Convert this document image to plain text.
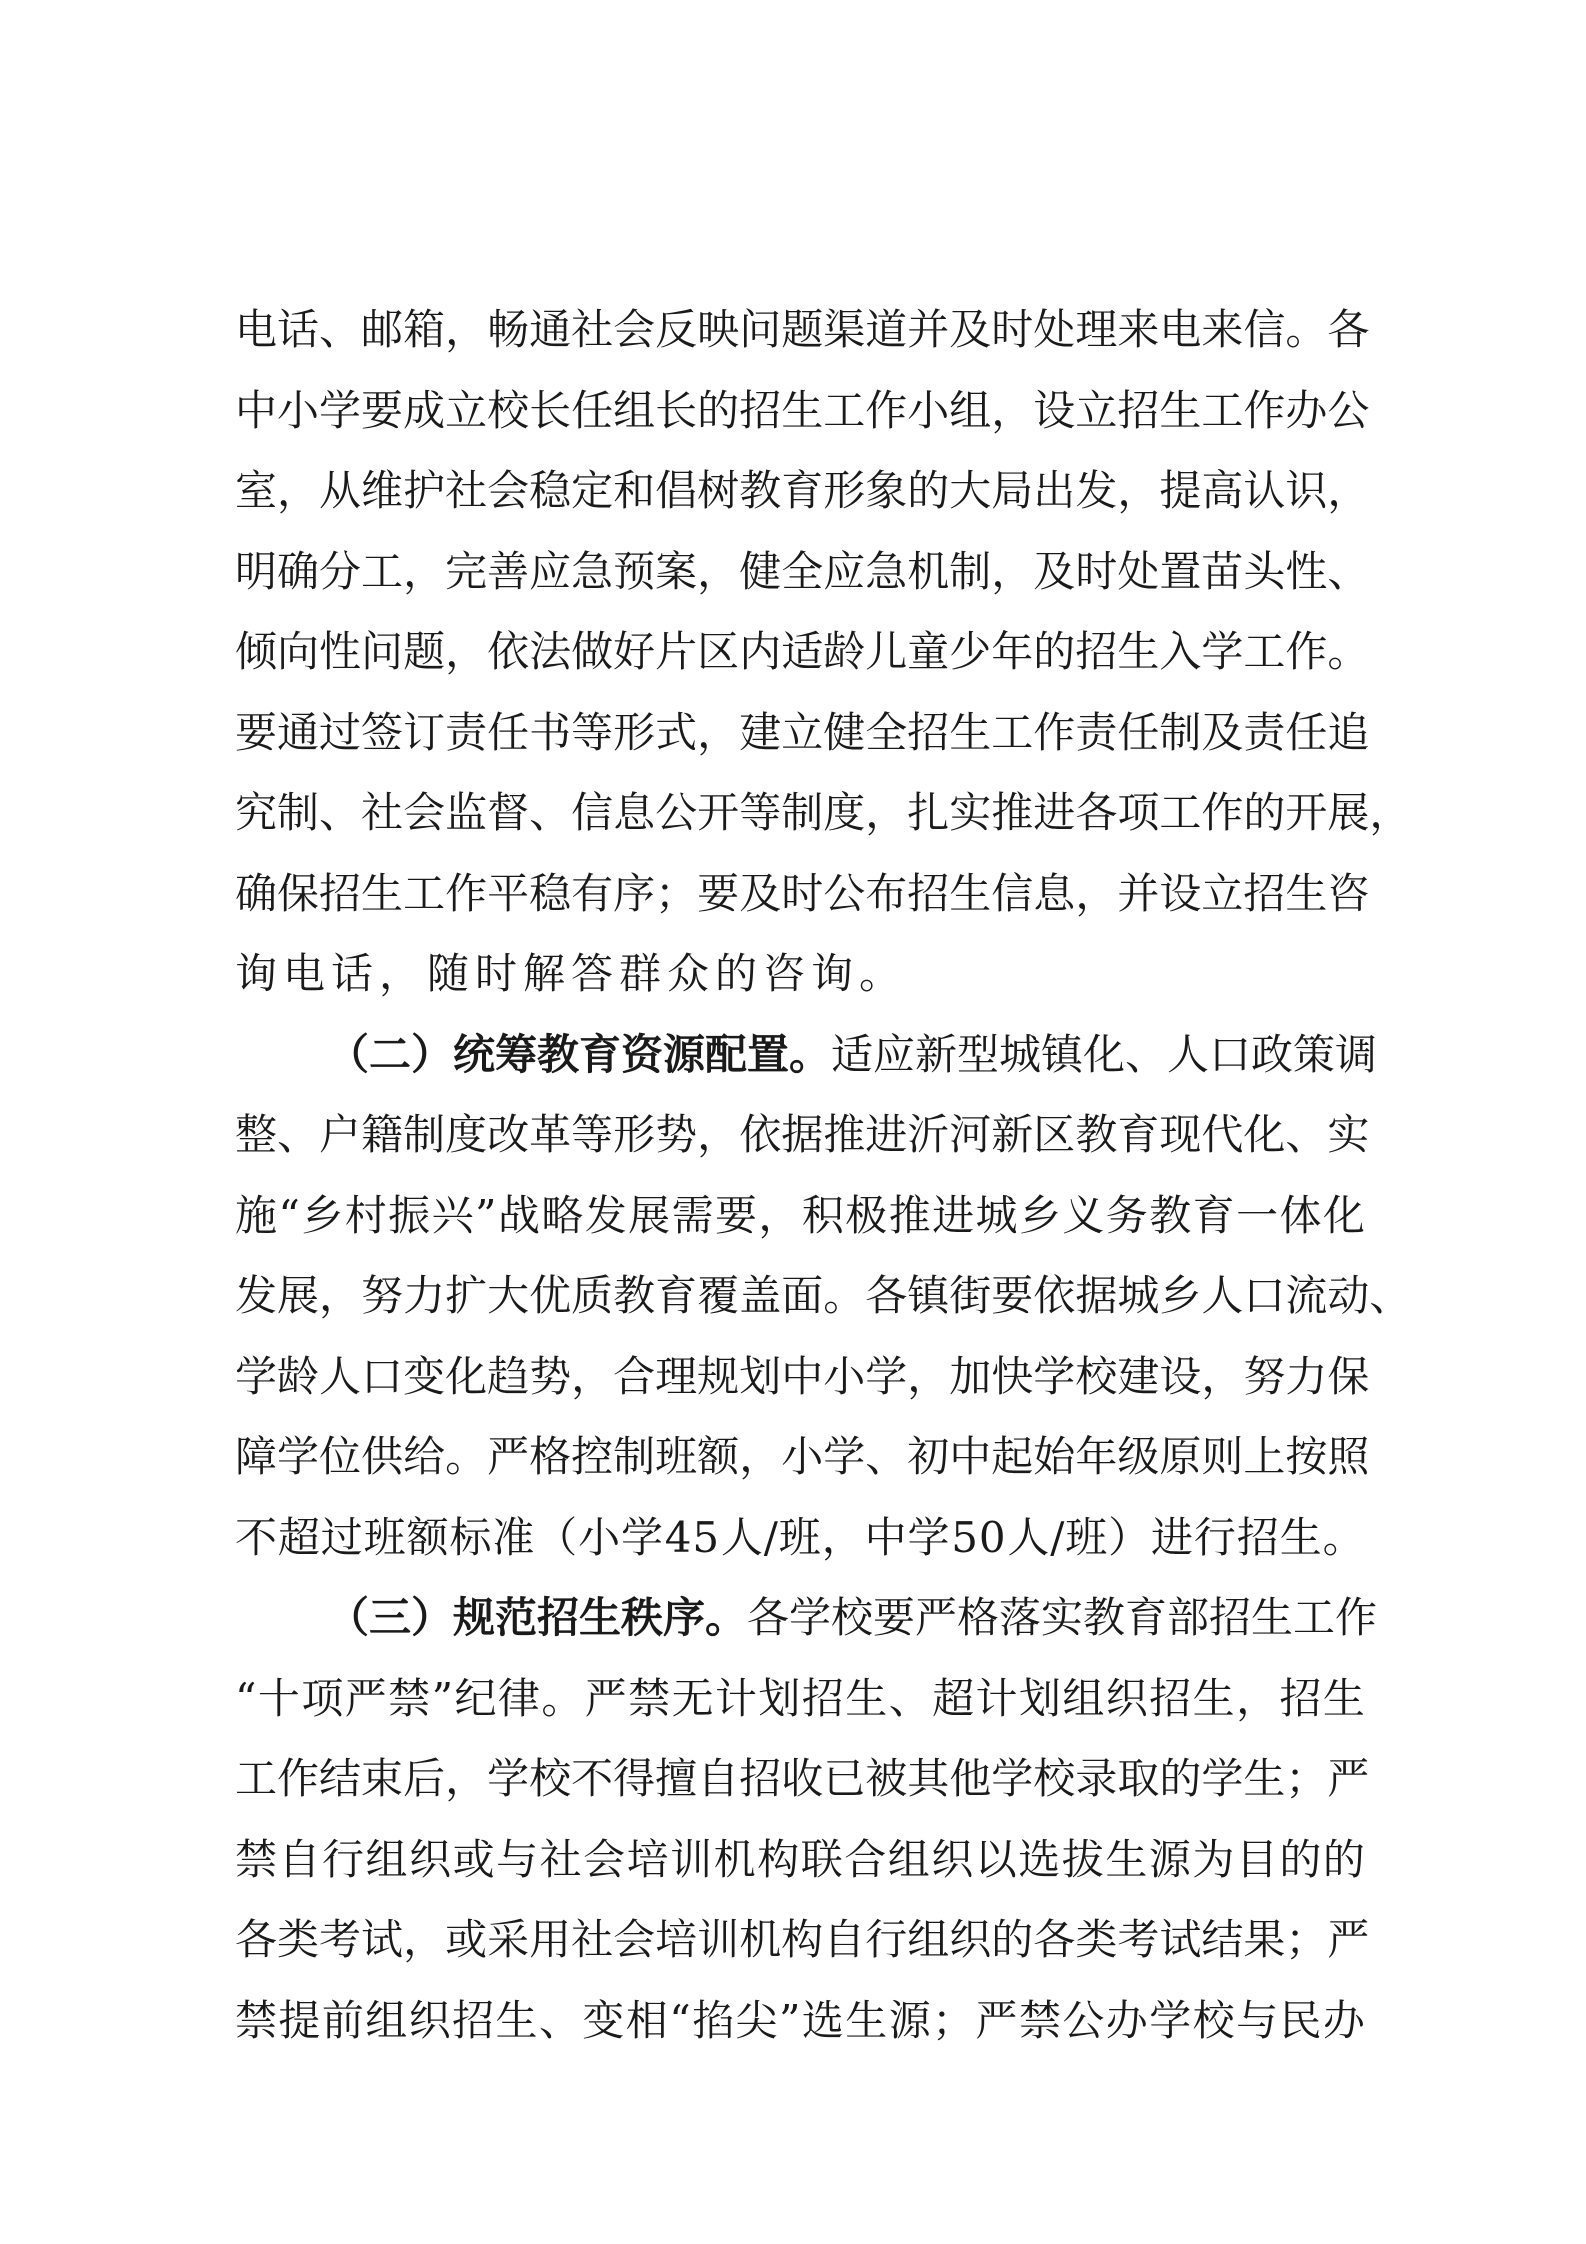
电 话 、 邮 箱 ， 畅 通 社 会 反 映 问 题 渠 道 并 及 时 处 理 来 电 来 信 。 各
中 小 学 要 成 立 校 长 任 组 长 的 招 生 工 作 小 组 ， 设 立 招 生 工 作 办 公
室 ， 从 维 护 社 会 稳 定 和 倡 树 教 育 形 象 的 大 局 出 发 ， 提 高 认 识 ，
明 确 分 工 ， 完 善 应 急 预 案 ， 健 全 应 急 机 制 ， 及 时 处 置 苗 头 性 、
倾 向 性 问 题 ， 依 法 做 好 片 区 内 适 龄 儿 童 少 年 的 招 生 入 学 工 作 。
要 通 过 签 订 责 任 书 等 形 式 ， 建 立 健 全 招 生 工 作 责 任 制 及 责 任 追
究 制 、 社 会 监 督 、 信 息 公 开 等 制 度 ， 扎 实 推 进 各 项 工 作 的 开 展 ，
确 保 招 生 工 作 平 稳 有 序 ； 要 及 时 公 布 招 生 信 息 ， 并 设 立 招 生 咨
询电话，随时解答群众的咨询。
（二）统筹教育资源配置。 适应新型城镇化、人口政策调
整 、 户 籍 制 度 改 革 等 形 势 ， 依 据 推 进 沂 河 新 区 教 育 现 代 化 、 实
施 “ 乡 村 振 兴 ” 战 略 发 展 需 要 ， 积 极 推 进 城 乡 义 务 教 育 一 体 化
发 展 ， 努 力 扩 大 优 质 教 育 覆 盖 面 。 各 镇 街 要 依 据 城 乡 人 口 流 动 、
学 龄 人 口 变 化 趋 势 ， 合 理 规 划 中 小 学 ， 加 快 学 校 建 设 ， 努 力 保
障 学 位 供 给 。 严 格 控 制 班 额 ， 小 学 、 初 中 起 始 年 级 原 则 上 按 照
不 超 过 班 额 标 准 （ 小 学 4 5 人 / 班 ， 中 学 5 0 人 / 班 ） 进 行 招 生 。
（三）规范招生秩序。 各学校要严格落实教育部招生工作
“ 十 项 严 禁 ” 纪 律 。 严 禁 无 计 划 招 生 、 超 计 划 组 织 招 生 ， 招 生
工 作 结 束 后 ， 学 校 不 得 擅 自 招 收 已 被 其 他 学 校 录 取 的 学 生 ； 严
禁 自 行 组 织 或 与 社 会 培 训 机 构 联 合 组 织 以 选 拔 生 源 为 目 的 的
各 类 考 试 ， 或 采 用 社 会 培 训 机 构 自 行 组 织 的 各 类 考 试 结 果 ； 严
禁 提 前 组 织 招 生 、 变 相 “ 掐 尖 ” 选 生 源 ； 严 禁 公 办 学 校 与 民 办
